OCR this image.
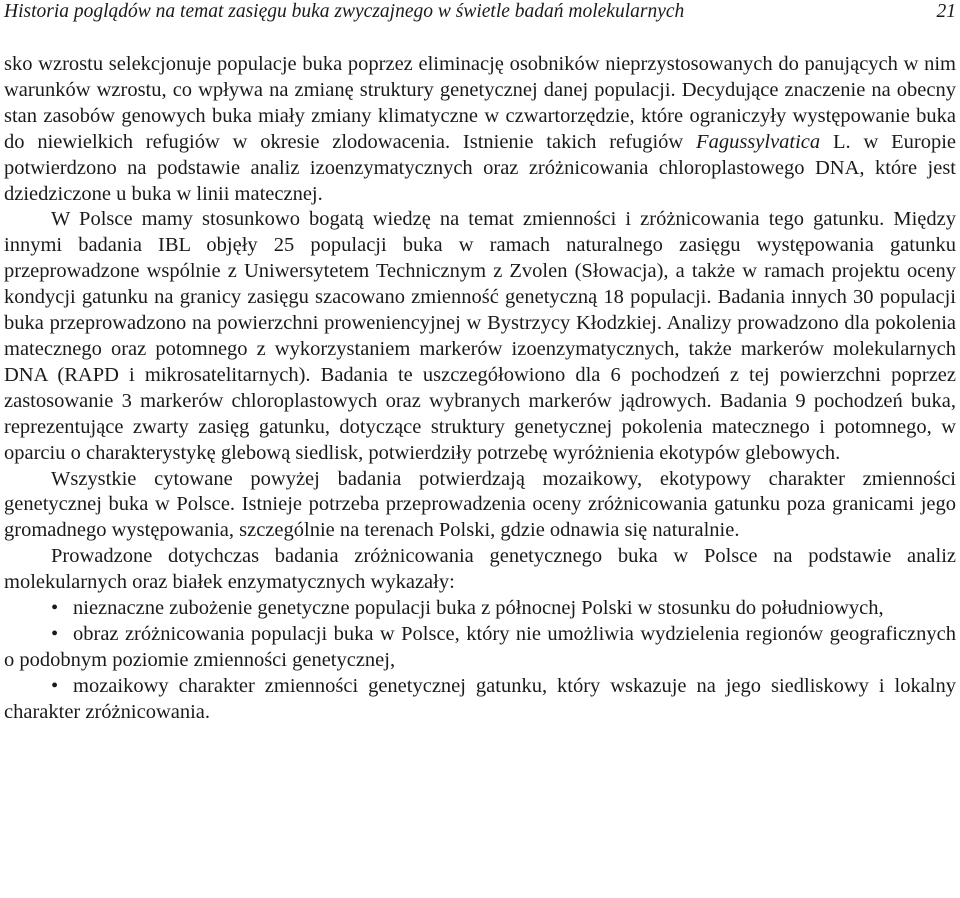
Historia poglądów na temat zasięgu buka zwyczajnego w świetle badań molekularnych	21

sko wzrostu selekcjonuje populacje buka poprzez eliminację osobników nieprzystosowanych do panujących w nim warunków wzrostu, co wpływa na zmianę struktury genetycznej danej populacji. Decydujące znaczenie na obecny stan zasobów genowych buka miały zmiany klimatyczne w czwartorzędzie, które ograniczyły występowanie buka do niewielkich refugiów w okresie zlodowacenia. Istnienie takich refugiów Fagussylvatica L. w Europie potwierdzono na podstawie analiz izoenzymatycznych oraz zróżnicowania chloroplastowego DNA, które jest dziedziczone u buka w linii matecznej.

W Polsce mamy stosunkowo bogatą wiedzę na temat zmienności i zróżnicowania tego gatunku. Między innymi badania IBL objęły 25 populacji buka w ramach naturalnego zasięgu występowania gatunku przeprowadzone wspólnie z Uniwersytetem Technicznym z Zvolen (Słowacja), a także w ramach projektu oceny kondycji gatunku na granicy zasięgu szacowano zmienność genetyczną 18 populacji. Badania innych 30 populacji buka przeprowadzono na powierzchni proweniencyjnej w Bystrzycy Kłodzkiej. Analizy prowadzono dla pokolenia matecznego oraz potomnego z wykorzystaniem markerów izoenzymatycznych, także markerów molekularnych DNA (RAPD i mikrosatelitarnych). Badania te uszczegółowiono dla 6 pochodzeń z tej powierzchni poprzez zastosowanie 3 markerów chloroplastowych oraz wybranych markerów jądrowych. Badania 9 pochodzeń buka, reprezentujące zwarty zasięg gatunku, dotyczące struktury genetycznej pokolenia matecznego i potomnego, w oparciu o charakterystykę glebową siedlisk, potwierdziły potrzebę wyróżnienia ekotypów glebowych.

Wszystkie cytowane powyżej badania potwierdzają mozaikowy, ekotypowy charakter zmienności genetycznej buka w Polsce. Istnieje potrzeba przeprowadzenia oceny zróżnicowania gatunku poza granicami jego gromadnego występowania, szczególnie na terenach Polski, gdzie odnawia się naturalnie.

Prowadzone dotychczas badania zróżnicowania genetycznego buka w Polsce na podstawie analiz molekularnych oraz białek enzymatycznych wykazały:

• nieznaczne zubożenie genetyczne populacji buka z północnej Polski w stosunku do południowych,
• obraz zróżnicowania populacji buka w Polsce, który nie umożliwia wydzielenia regionów geograficznych o podobnym poziomie zmienności genetycznej,
• mozaikowy charakter zmienności genetycznej gatunku, który wskazuje na jego siedliskowy i lokalny charakter zróżnicowania.
